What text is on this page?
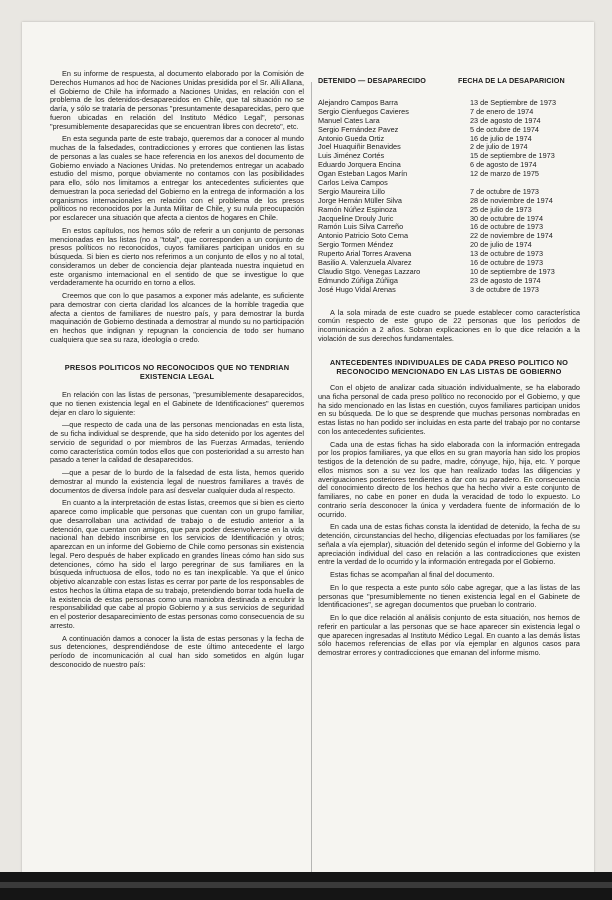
En su informe de respuesta, al documento elaborado por la Comisión de Derechos Humanos ad hoc de Naciones Unidas presidida por el Sr. Alli Allana, el Gobierno de Chile ha informado a Naciones Unidas, en relación con el problema de los detenidos-desaparecidos en Chile, que tal situación no se daría, y sólo se trataría de personas "presuntamente desaparecidas, pero que fueron ubicadas en relación del Instituto Médico Legal", personas "presumiblemente desaparecidas que se encuentran libres con decreto", etc.

En esta segunda parte de este trabajo, queremos dar a conocer al mundo muchas de la falsedades, contradicciones y errores que contienen las listas de personas a las cuales se hace referencia en los anexos del documento de Gobierno enviado a Naciones Unidas. No pretendemos entregar un acabado estudio del mismo, porque obviamente no contamos con las posibilidades para ello, sólo nos limitamos a entregar los antecedentes suficientes que demuestran la poca seriedad del Gobierno en la entrega de información a los organismos internacionales en relación con el problema de los presos políticos no reconocidos por la Junta Militar de Chile, y su nula preocupación por esclarecer una situación que afecta a cientos de hogares en Chile.

En estos capítulos, nos hemos sólo de referir a un conjunto de personas mencionadas en las listas (no a "total", que corresponden a un conjunto de presos políticos no reconocidos, cuyos familiares participan unidos en su búsqueda. Si bien es cierto nos referimos a un conjunto de ellos y no al total, consideramos un deber de conciencia dejar planteada nuestra inquietud en este organismo internacional en el sentido de que se investigue lo que verdaderamente ha ocurrido en torno a ellos.

Creemos que con lo que pasamos a exponer más adelante, es suficiente para demostrar con cierta claridad los alcances de la horrible tragedia que afecta a cientos de familiares de nuestro país, y para demostrar la burda maquinación de Gobierno destinada a demostrar al mundo su no participación en hechos que indignan y repugnan la conciencia de todo ser humano cualquiera que sea su raza, ideología o credo.

PRESOS POLITICOS NO RECONOCIDOS QUE NO TENDRIAN EXISTENCIA LEGAL

En relación con las listas de personas, "presumiblemente desaparecidos, que no tienen existencia legal en el Gabinete de Identificaciones" queremos dejar en claro lo siguiente:

—que respecto de cada una de las personas mencionadas en esta lista, de su ficha individual se desprende, que ha sido detenido por los agentes del servicio de seguridad o por miembros de las Fuerzas Armadas, teniendo como característica común todos ellos que con posterioridad a su arresto han pasado a tener la calidad de desaparecidos.

—que a pesar de lo burdo de la falsedad de esta lista, hemos querido demostrar al mundo la existencia legal de nuestros familiares a través de documentos de diversa índole para así desvelar cualquier duda al respecto.

En cuanto a la interpretación de estas listas, creemos que si bien es cierto aparece como implicable que personas que cuentan con un grupo familiar, que desarrollaban una actividad de trabajo o de estudio anterior a la detención, que cuentan con amigos, que para poder desenvolverse en la vida nacional han debido inscribirse en los servicios de Identificación y otros; aparezcan en un informe del Gobierno de Chile como personas sin existencia legal. Pero después de haber explicado en grandes líneas cómo han sido sus detenciones, cómo ha sido el largo peregrinar de sus familiares en la búsqueda infructuosa de ellos, todo no es tan inexplicable. Ya que el único objetivo alcanzable con estas listas es cerrar por parte de los responsables de estos hechos la última etapa de su trabajo, pretendiendo borrar toda huella de la existencia de estas personas como una maniobra destinada a encubrir la responsabilidad que cabe al propio Gobierno y a sus servicios de seguridad en el posterior desaparecimiento de estas personas como consecuencia de su arresto.

A continuación damos a conocer la lista de estas personas y la fecha de sus detenciones, desprendiéndose de este último antecedente el largo período de incomunicación al cual han sido sometidos en algún lugar desconocido de nuestro país:

DETENIDO — DESAPARECIDO	FECHA DE LA DESAPARICION
Alejandro Campos Barra	13 de Septiembre de 1973
Sergio Cienfuegos Cavieres	7 de enero de 1974
Manuel Cates Lara	23 de agosto de 1974
Sergio Fernández Pavez	5 de octubre de 1974
Antonio Gueda Ortiz	16 de julio de 1974
Joel Huaquiñir Benavides	2 de julio de 1974
Luis Jiménez Cortés	15 de septiembre de 1973
Eduardo Jorquera Encina	6 de agosto de 1974
Ogan Esteban Lagos Marín	12 de marzo de 1975
Carlos Leiva Campos
Sergio Maureira Lillo	7 de octubre de 1973
Jorge Hernán Müller Silva	28 de noviembre de 1974
Ramón Núñez Espinoza	25 de julio de 1973
Jacqueline Drouly Juric	30 de octubre de 1974
Ramón Luis Silva Carreño	16 de octubre de 1973
Antonio Patricio Soto Cerna	22 de noviembre de 1974
Sergio Tormen Méndez	20 de julio de 1974
Ruperto Arial Torres Aravena	13 de octubre de 1973
Basilio A. Valenzuela Alvarez	16 de octubre de 1973
Claudio Stgo. Venegas Lazzaro	10 de septiembre de 1973
Edmundo Zúñiga Zúñiga	23 de agosto de 1974
José Hugo Vidal Arenas	3 de octubre de 1973

A la sola mirada de este cuadro se puede establecer como característica común respecto de este grupo de 22 personas que los períodos de incomunicación a 2 años. Sobran explicaciones en lo que dice relación a la violación de sus derechos fundamentales.

ANTECEDENTES INDIVIDUALES DE CADA PRESO POLITICO NO RECONOCIDO MENCIONADO EN LAS LISTAS DE GOBIERNO

Con el objeto de analizar cada situación individualmente, se ha elaborado una ficha personal de cada preso político no reconocido por el Gobierno, y que ha sido mencionado en las listas en cuestión, cuyos familiares participan unidos en su búsqueda. De lo que se desprende que muchas personas nombradas en estas listas no han podido ser incluidas en esta parte del trabajo por no contarse con los antecedentes suficientes.

Cada una de estas fichas ha sido elaborada con la información entregada por los propios familiares, ya que ellos en su gran mayoría han sido los propios testigos de la detención de su padre, madre, cónyuge, hijo, hija, etc. Y porque ellos mismos son a su vez los que han realizado todas las diligencias y averiguaciones posteriores tendientes a dar con su paradero. En consecuencia del conocimiento directo de los hechos que ha hecho vivir a este conjunto de familiares, no cabe en poner en duda la veracidad de todo lo expuesto. Lo contrario sería desconocer la única y verdadera fuente de información de lo ocurrido.

En cada una de estas fichas consta la identidad de detenido, la fecha de su detención, circunstancias del hecho, diligencias efectuadas por los familiares (se señala a vía ejemplar), situación del detenido según el informe del Gobierno y la apreciación individual del caso en relación a las contradicciones que existen entre la verdad de lo ocurrido y la información entregada por el Gobierno.

Estas fichas se acompañan al final del documento.

En lo que respecta a este punto sólo cabe agregar, que a las listas de las personas que "presumiblemente no tienen existencia legal en el Gabinete de Identificaciones", se agregan documentos que prueban lo contrario.

En lo que dice relación al análisis conjunto de esta situación, nos hemos de referir en particular a las personas que se hace aparecer sin existencia legal o que aparecen ingresadas al Instituto Médico Legal. En cuanto a las demás listas sólo hacemos referencias de ellas por vía ejemplar en algunos casos para demostrar errores y contradicciones que emanan del informe mismo.
